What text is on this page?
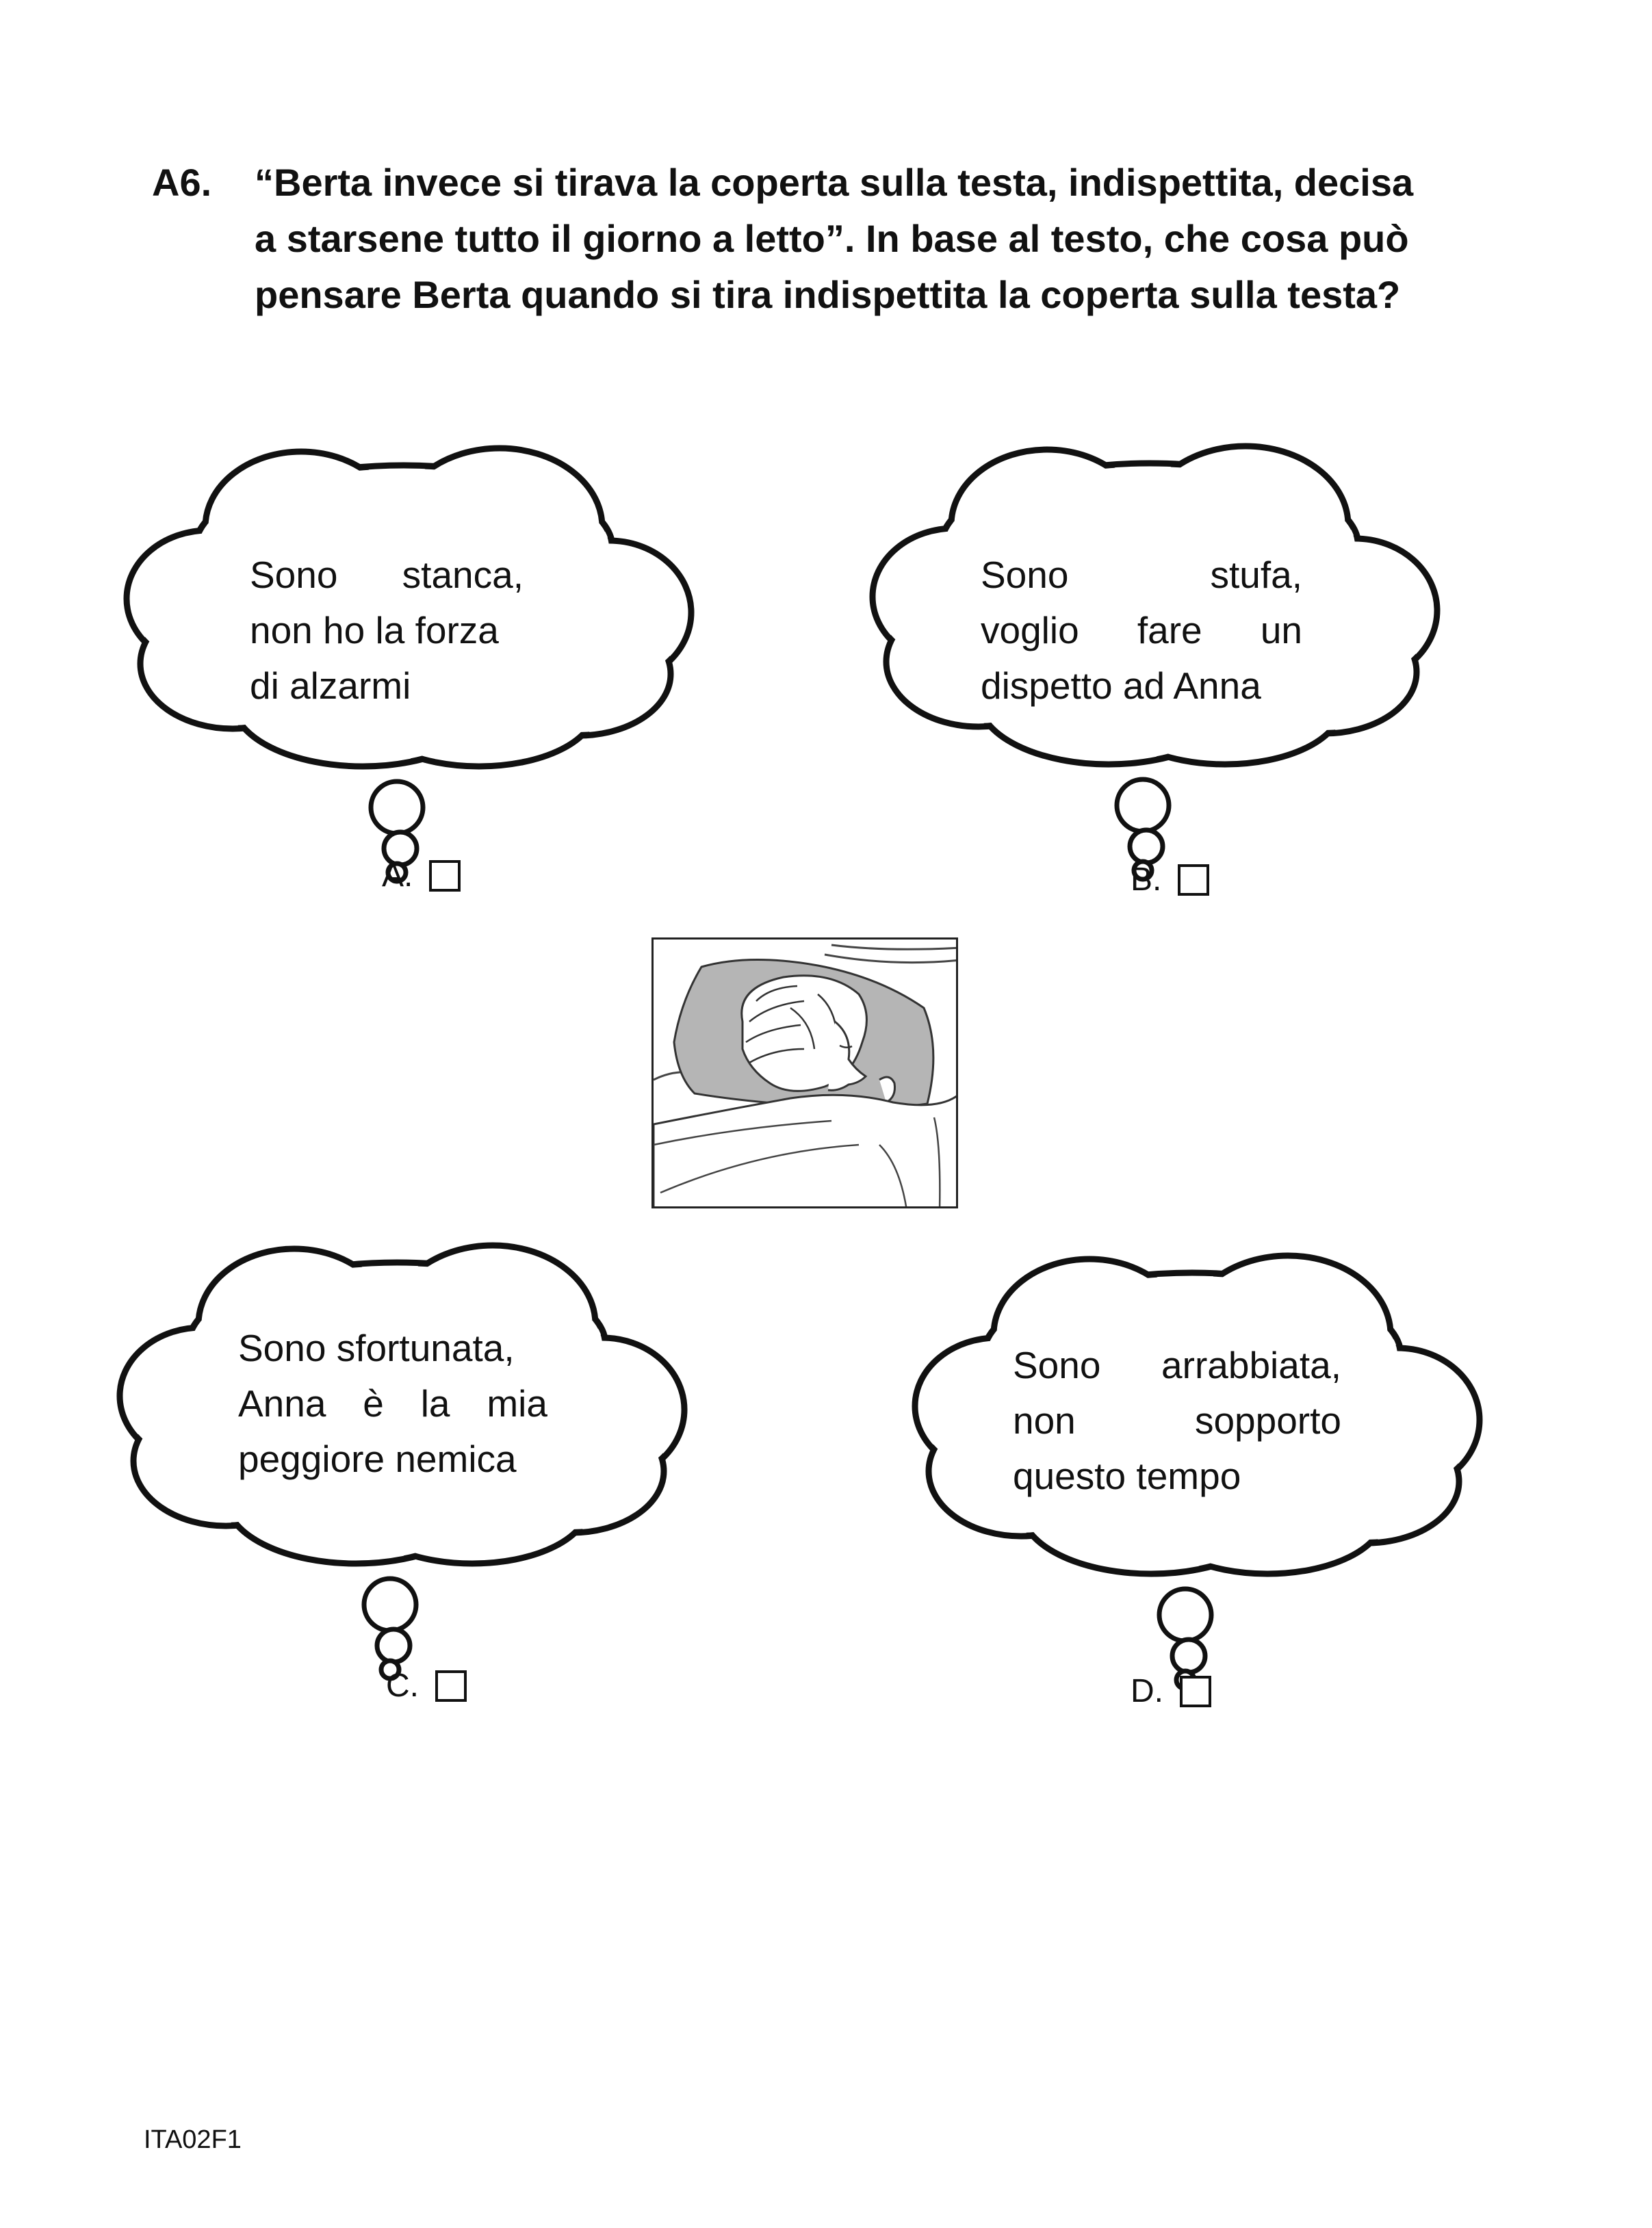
A6. “Berta invece si tirava la coperta sulla testa, indispettita, decisa
a starsene tutto il giorno a letto”. In base al testo, che cosa può
pensare Berta quando si tira indispettita la coperta sulla testa?
Sono stanca,
non ho la forza
di alzarmi
Sono	stufa,
voglio fare un
dispetto ad Anna
Sono sfortunata,
Anna è la mia
peggiore nemica
Sono arrabbiata,
non	sopporto
questo tempo
A.	B.
C.	D.
ITA02F1
